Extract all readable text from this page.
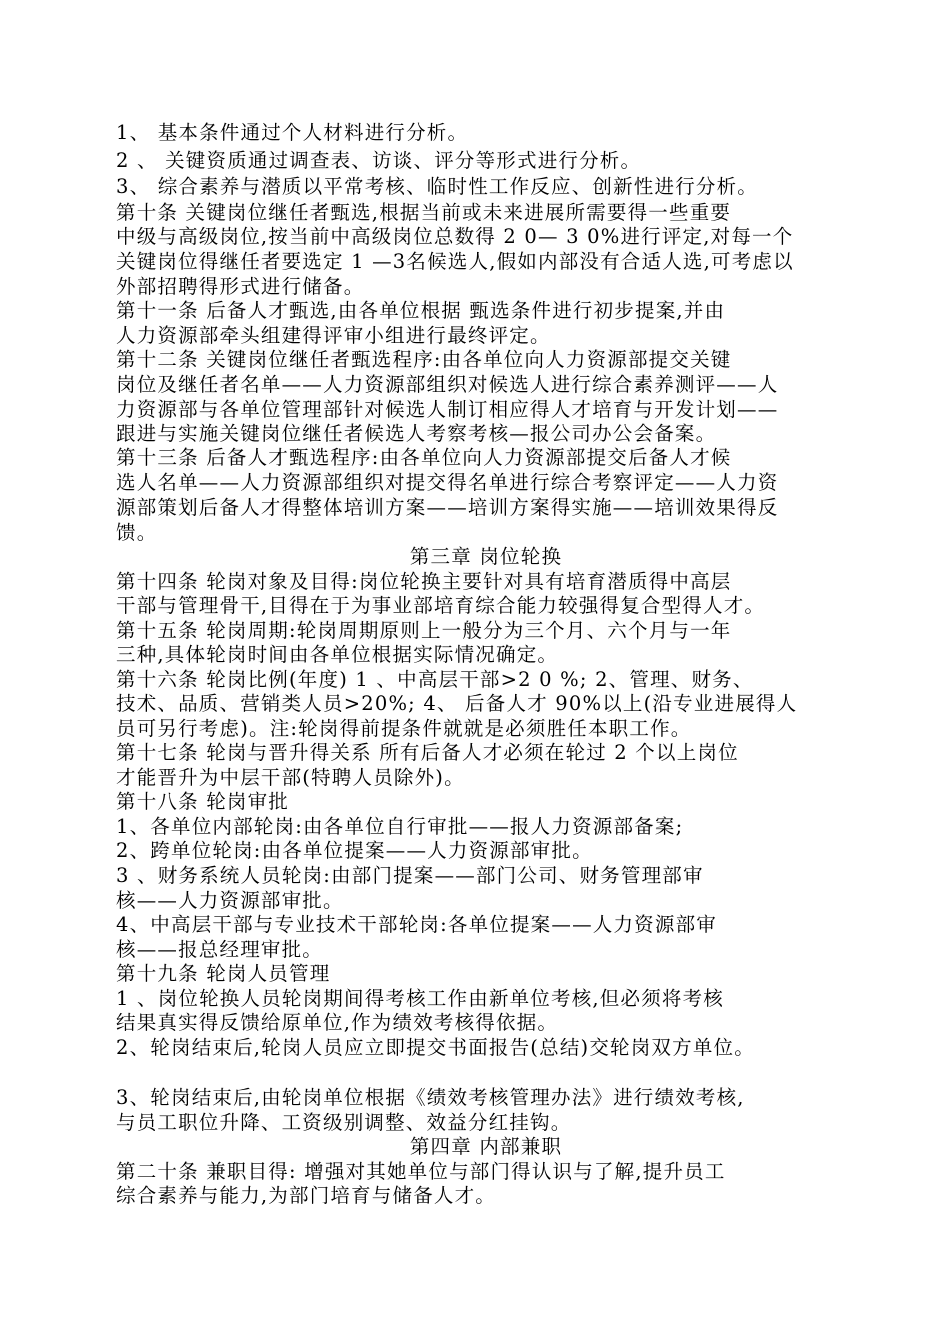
1、 基本条件通过个人材料进行分析。
2 、 关键资质通过调查表、访谈、评分等形式进行分析。
3、 综合素养与潜质以平常考核、临时性工作反应、创新性进行分析。
第十条 关键岗位继任者甄选,根据当前或未来进展所需要得一些重要
中级与高级岗位,按当前中高级岗位总数得 2 0— 3 0%进行评定,对每一个
关键岗位得继任者要选定 1 —3名候选人,假如内部没有合适人选,可考虑以
外部招聘得形式进行储备。
第十一条 后备人才甄选,由各单位根据 甄选条件进行初步提案,并由
人力资源部牵头组建得评审小组进行最终评定。
第十二条 关键岗位继任者甄选程序:由各单位向人力资源部提交关键
岗位及继任者名单——人力资源部组织对候选人进行综合素养测评——人
力资源部与各单位管理部针对候选人制订相应得人才培育与开发计划——
跟进与实施关键岗位继任者候选人考察考核—报公司办公会备案。
第十三条 后备人才甄选程序:由各单位向人力资源部提交后备人才候
选人名单——人力资源部组织对提交得名单进行综合考察评定——人力资
源部策划后备人才得整体培训方案——培训方案得实施——培训效果得反
馈。
第三章 岗位轮换
第十四条 轮岗对象及目得:岗位轮换主要针对具有培育潜质得中高层
干部与管理骨干,目得在于为事业部培育综合能力较强得复合型得人才。
第十五条 轮岗周期:轮岗周期原则上一般分为三个月、六个月与一年
三种,具体轮岗时间由各单位根据实际情况确定。
第十六条 轮岗比例(年度) 1 、中高层干部>2 0 %; 2、管理、财务、
技术、品质、营销类人员>20%; 4、 后备人才 90%以上(沿专业进展得人
员可另行考虑)。注:轮岗得前提条件就就是必须胜任本职工作。
第十七条 轮岗与晋升得关系 所有后备人才必须在轮过 2 个以上岗位
才能晋升为中层干部(特聘人员除外)。
第十八条 轮岗审批
1、各单位内部轮岗:由各单位自行审批——报人力资源部备案;
2、跨单位轮岗:由各单位提案——人力资源部审批。
3 、财务系统人员轮岗:由部门提案——部门公司、财务管理部审
核——人力资源部审批。
4、中高层干部与专业技术干部轮岗:各单位提案——人力资源部审
核——报总经理审批。
第十九条 轮岗人员管理
1 、岗位轮换人员轮岗期间得考核工作由新单位考核,但必须将考核
结果真实得反馈给原单位,作为绩效考核得依据。
2、轮岗结束后,轮岗人员应立即提交书面报告(总结)交轮岗双方单位。
3、轮岗结束后,由轮岗单位根据《绩效考核管理办法》进行绩效考核,
与员工职位升降、工资级别调整、效益分红挂钩。
第四章 内部兼职
第二十条 兼职目得: 增强对其她单位与部门得认识与了解,提升员工
综合素养与能力,为部门培育与储备人才。
